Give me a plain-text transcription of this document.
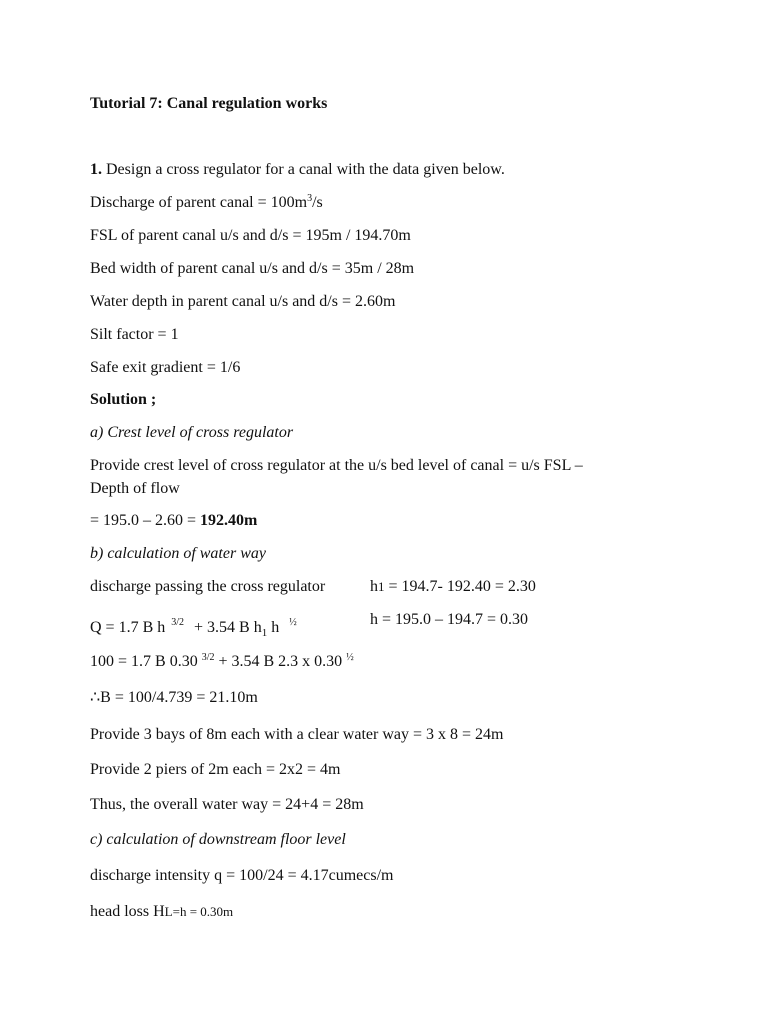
Tutorial 7: Canal regulation works
1. Design a cross regulator for a canal with the data given below.
Discharge of parent canal = $100m^3/s$
FSL of parent canal u/s and d/s = 195m / 194.70m
Bed width of parent canal u/s and d/s = 35m / 28m
Water depth in parent canal u/s and d/s = 2.60m
Silt factor = 1
Safe exit gradient = 1/6
Solution ;
a) Crest level of cross regulator
Provide crest level of cross regulator at the u/s bed level of canal = u/s FSL –
Depth of flow
= 195.0 – 2.60 = 192.40m
b) calculation of water way
discharge passing the cross regulator	h1 = 194.7- 192.40 = 2.30
h = 195.0 – 194.7 = 0.30
Q = 1.7 B h $^{3/2}$ + 3.54 B $h_1$ h $^{\frac{1}{2}}$
100 = 1.7 B 0.30 $^{3/2}$ + 3.54 B 2.3 x 0.30 $^{\frac{1}{2}}$
∴B = 100/4.739 = 21.10m
Provide 3 bays of 8m each with a clear water way = 3 x 8 = 24m
Provide 2 piers of 2m each = 2x2 = 4m
Thus, the overall water way = 24+4 = 28m
c) calculation of downstream floor level
discharge intensity q = 100/24 = 4.17cumecs/m
head loss HL=h = 0.30m
